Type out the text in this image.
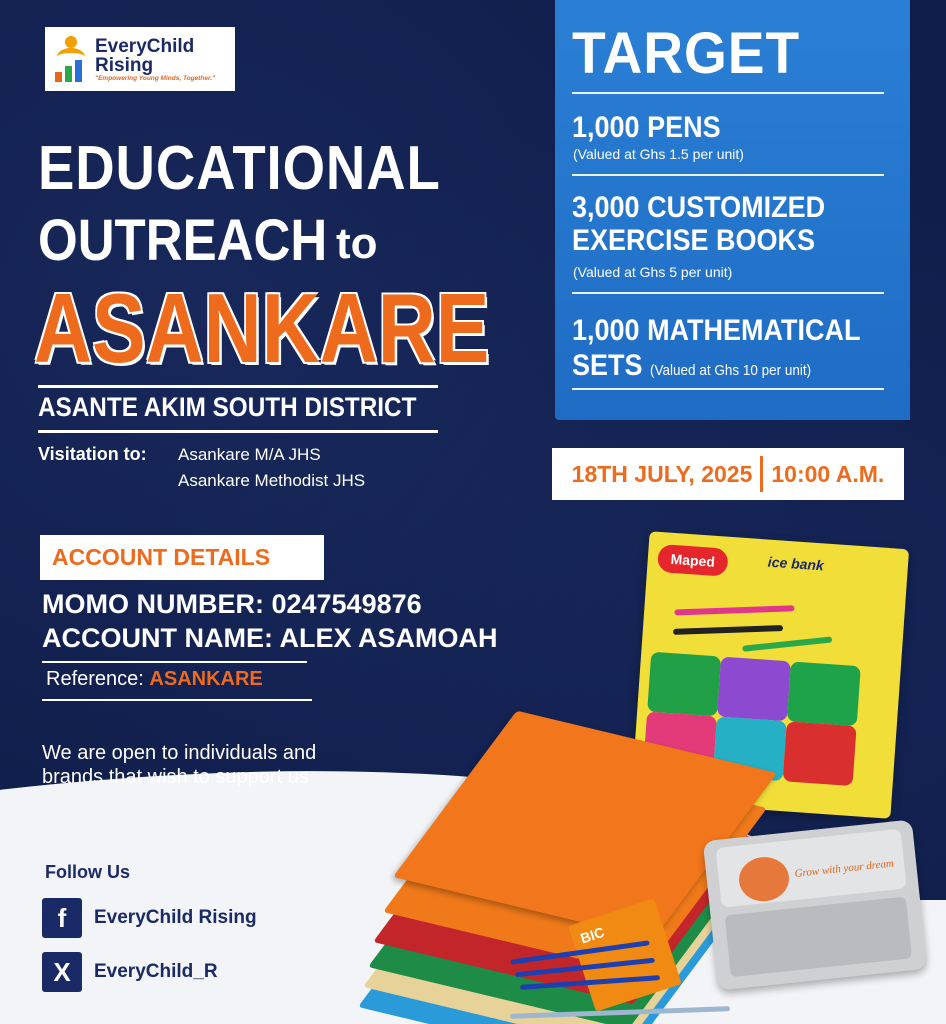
EveryChild
Rising
"Empowering Young Minds, Together."
EDUCATIONAL
OUTREACH to
ASANKARE
ASANTE AKIM SOUTH DISTRICT
Visitation to: Asankare M/A JHS
Asankare Methodist JHS
TARGET
1,000 PENS
(Valued at Ghs 1.5 per unit)
3,000 CUSTOMIZED
EXERCISE BOOKS
(Valued at Ghs 5 per unit)
1,000 MATHEMATICAL
SETS (Valued at Ghs 10 per unit)
18TH JULY, 2025 10:00 A.M.
ACCOUNT DETAILS
MOMO NUMBER: 0247549876
ACCOUNT NAME: ALEX ASAMOAH
Reference: ASANKARE
We are open to individuals and
brands that wish to support us
Maped	ice bank
Grow with your dream
BIC
Follow Us
f	EveryChild Rising
X	EveryChild_R
